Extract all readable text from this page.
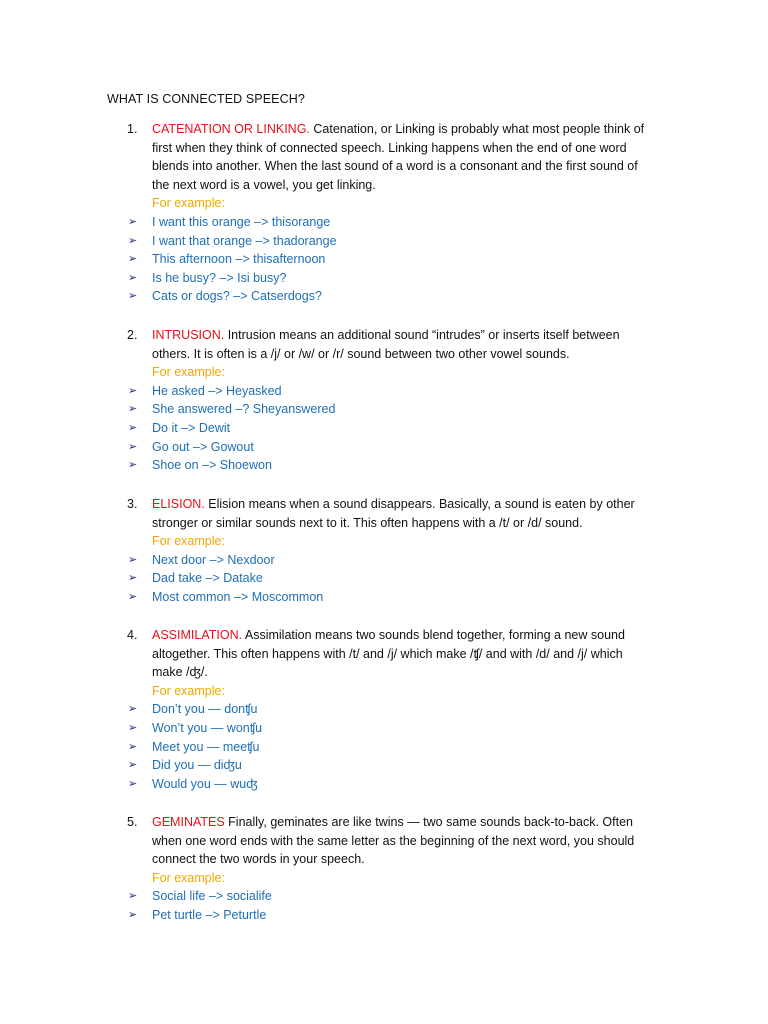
WHAT IS CONNECTED SPEECH?
1. CATENATION OR LINKING. Catenation, or Linking is probably what most people think of first when they think of connected speech. Linking happens when the end of one word blends into another. When the last sound of a word is a consonant and the first sound of the next word is a vowel, you get linking.
For example:
➢ I want this orange –> thisorange
➢ I want that orange –> thadorange
➢ This afternoon –> thisafternoon
➢ Is he busy? –> Isi busy?
➢ Cats or dogs? –> Catserdogs?
2. INTRUSION. Intrusion means an additional sound “intrudes” or inserts itself between others. It is often is a /j/ or /w/ or /r/ sound between two other vowel sounds.
For example:
➢ He asked –> Heyasked
➢ She answered –? Sheyanswered
➢ Do it –> Dewit
➢ Go out –> Gowout
➢ Shoe on –> Shoewon
3. ELISION. Elision means when a sound disappears. Basically, a sound is eaten by other stronger or similar sounds next to it. This often happens with a /t/ or /d/ sound.
For example:
➢ Next door –> Nexdoor
➢ Dad take –> Datake
➢ Most common –> Moscommon
4. ASSIMILATION. Assimilation means two sounds blend together, forming a new sound altogether. This often happens with /t/ and /j/ which make /ʧ/ and with /d/ and /j/ which make /ʤ/.
For example:
➢ Don’t you — donʧu
➢ Won’t you — wonʧu
➢ Meet you — meeʧu
➢ Did you — diʤu
➢ Would you — wuʤ
5. GEMINATES Finally, geminates are like twins — two same sounds back-to-back. Often when one word ends with the same letter as the beginning of the next word, you should connect the two words in your speech.
For example:
➢ Social life –> socialife
➢ Pet turtle –> Peturtle
